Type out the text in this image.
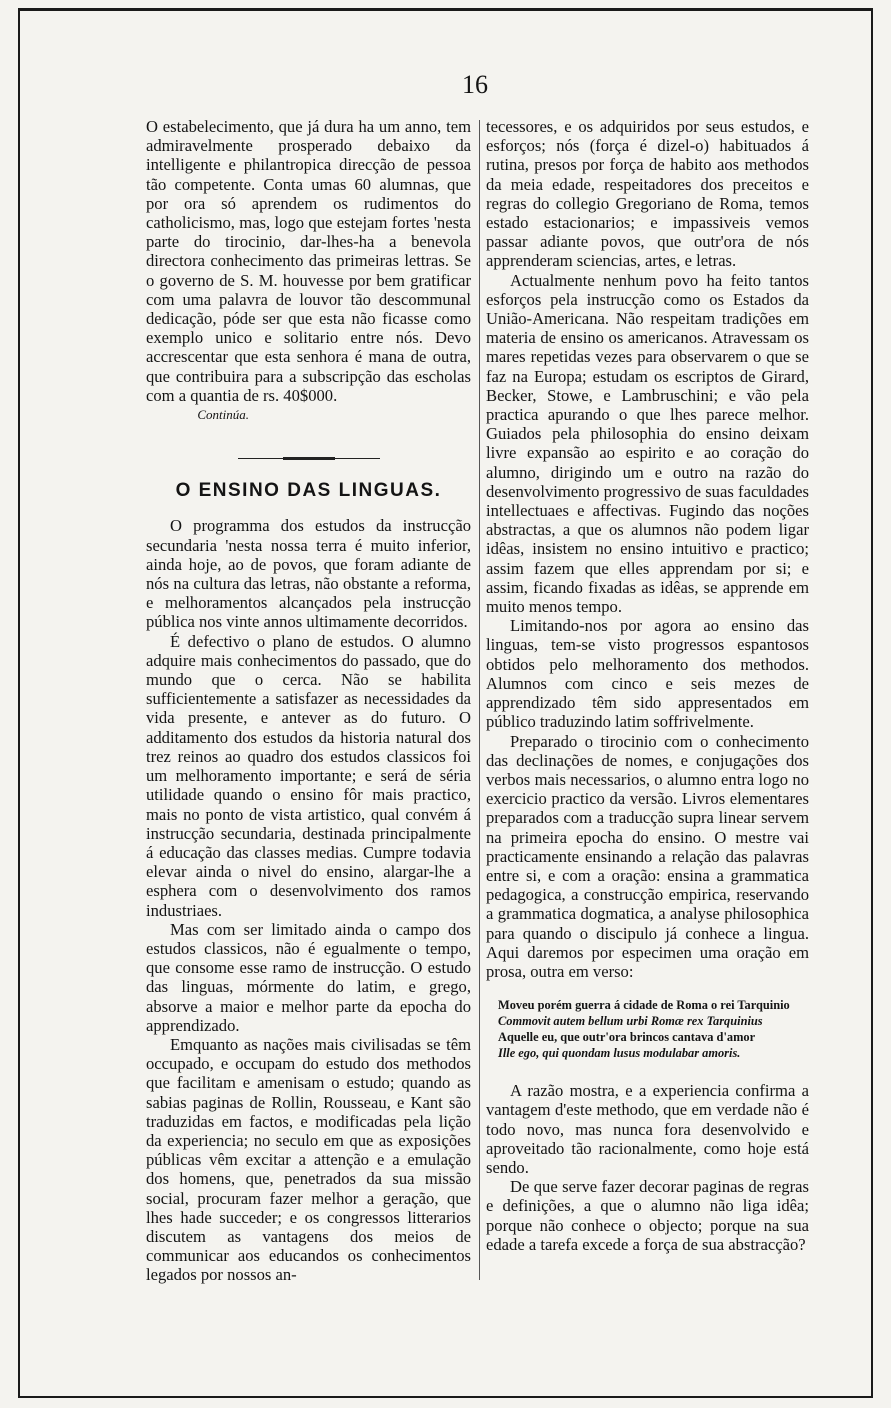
16

O estabelecimento, que já dura ha um anno, tem admiravelmente prosperado debaixo da intelligente e philantropica direcção de pessoa tão competente. Conta umas 60 alumnas, que por ora só aprendem os rudimentos do catholicismo, mas, logo que estejam fortes 'nesta parte do tirocinio, dar-lhes-ha a benevola directora conhecimento das primeiras lettras. Se o governo de S. M. houvesse por bem gratificar com uma palavra de louvor tão descommunal dedicação, póde ser que esta não ficasse como exemplo unico e solitario entre nós. Devo accrescentar que esta senhora é mana de outra, que contribuira para a subscripção das escholas com a quantia de rs. 40$000.

Continúa.

O ENSINO DAS LINGUAS.

O programma dos estudos da instrucção secundaria 'nesta nossa terra é muito inferior, ainda hoje, ao de povos, que foram adiante de nós na cultura das letras, não obstante a reforma, e melhoramentos alcançados pela instrucção pública nos vinte annos ultimamente decorridos.

É defectivo o plano de estudos. O alumno adquire mais conhecimentos do passado, que do mundo que o cerca. Não se habilita sufficientemente a satisfazer as necessidades da vida presente, e antever as do futuro. O additamento dos estudos da historia natural dos trez reinos ao quadro dos estudos classicos foi um melhoramento importante; e será de séria utilidade quando o ensino fôr mais practico, mais no ponto de vista artistico, qual convém á instrucção secundaria, destinada principalmente á educação das classes medias. Cumpre todavia elevar ainda o nivel do ensino, alargar-lhe a esphera com o desenvolvimento dos ramos industriaes.

Mas com ser limitado ainda o campo dos estudos classicos, não é egualmente o tempo, que consome esse ramo de instrucção. O estudo das linguas, mórmente do latim, e grego, absorve a maior e melhor parte da epocha do apprendizado.

Emquanto as nações mais civilisadas se têm occupado, e occupam do estudo dos methodos que facilitam e amenisam o estudo; quando as sabias paginas de Rollin, Rousseau, e Kant são traduzidas em factos, e modificadas pela lição da experiencia; no seculo em que as exposições públicas vêm excitar a attenção e a emulação dos homens, que, penetrados da sua missão social, procuram fazer melhor a geração, que lhes hade succeder; e os congressos litterarios discutem as vantagens dos meios de communicar aos educandos os conhecimentos legados por nossos an-

tecessores, e os adquiridos por seus estudos, e esforços; nós (força é dizel-o) habituados á rutina, presos por força de habito aos methodos da meia edade, respeitadores dos preceitos e regras do collegio Gregoriano de Roma, temos estado estacionarios; e impassiveis vemos passar adiante povos, que outr'ora de nós apprenderam sciencias, artes, e letras.

Actualmente nenhum povo ha feito tantos esforços pela instrucção como os Estados da União-Americana. Não respeitam tradições em materia de ensino os americanos. Atravessam os mares repetidas vezes para observarem o que se faz na Europa; estudam os escriptos de Girard, Becker, Stowe, e Lambruschini; e vão pela practica apurando o que lhes parece melhor. Guiados pela philosophia do ensino deixam livre expansão ao espirito e ao coração do alumno, dirigindo um e outro na razão do desenvolvimento progressivo de suas faculdades intellectuaes e affectivas. Fugindo das noções abstractas, a que os alumnos não podem ligar idêas, insistem no ensino intuitivo e practico; assim fazem que elles apprendam por si; e assim, ficando fixadas as idêas, se apprende em muito menos tempo.

Limitando-nos por agora ao ensino das linguas, tem-se visto progressos espantosos obtidos pelo melhoramento dos methodos. Alumnos com cinco e seis mezes de apprendizado têm sido appresentados em público traduzindo latim soffrivelmente.

Preparado o tirocinio com o conhecimento das declinações de nomes, e conjugações dos verbos mais necessarios, o alumno entra logo no exercicio practico da versão. Livros elementares preparados com a traducção supra linear servem na primeira epocha do ensino. O mestre vai practicamente ensinando a relação das palavras entre si, e com a oração: ensina a grammatica pedagogica, a construcção empirica, reservando a grammatica dogmatica, a analyse philosophica para quando o discipulo já conhece a lingua. Aqui daremos por especimen uma oração em prosa, outra em verso:

Moveu porém guerra á cidade de Roma o rei Tarquinio
Commovit autem bellum urbi Romæ rex Tarquinius
Aquelle eu, que outr'ora brincos cantava d'amor
Ille ego, qui quondam lusus modulabar amoris.

A razão mostra, e a experiencia confirma a vantagem d'este methodo, que em verdade não é todo novo, mas nunca fora desenvolvido e aproveitado tão racionalmente, como hoje está sendo.

De que serve fazer decorar paginas de regras e definições, a que o alumno não liga idêa; porque não conhece o objecto; porque na sua edade a tarefa excede a força de sua abstracção?
